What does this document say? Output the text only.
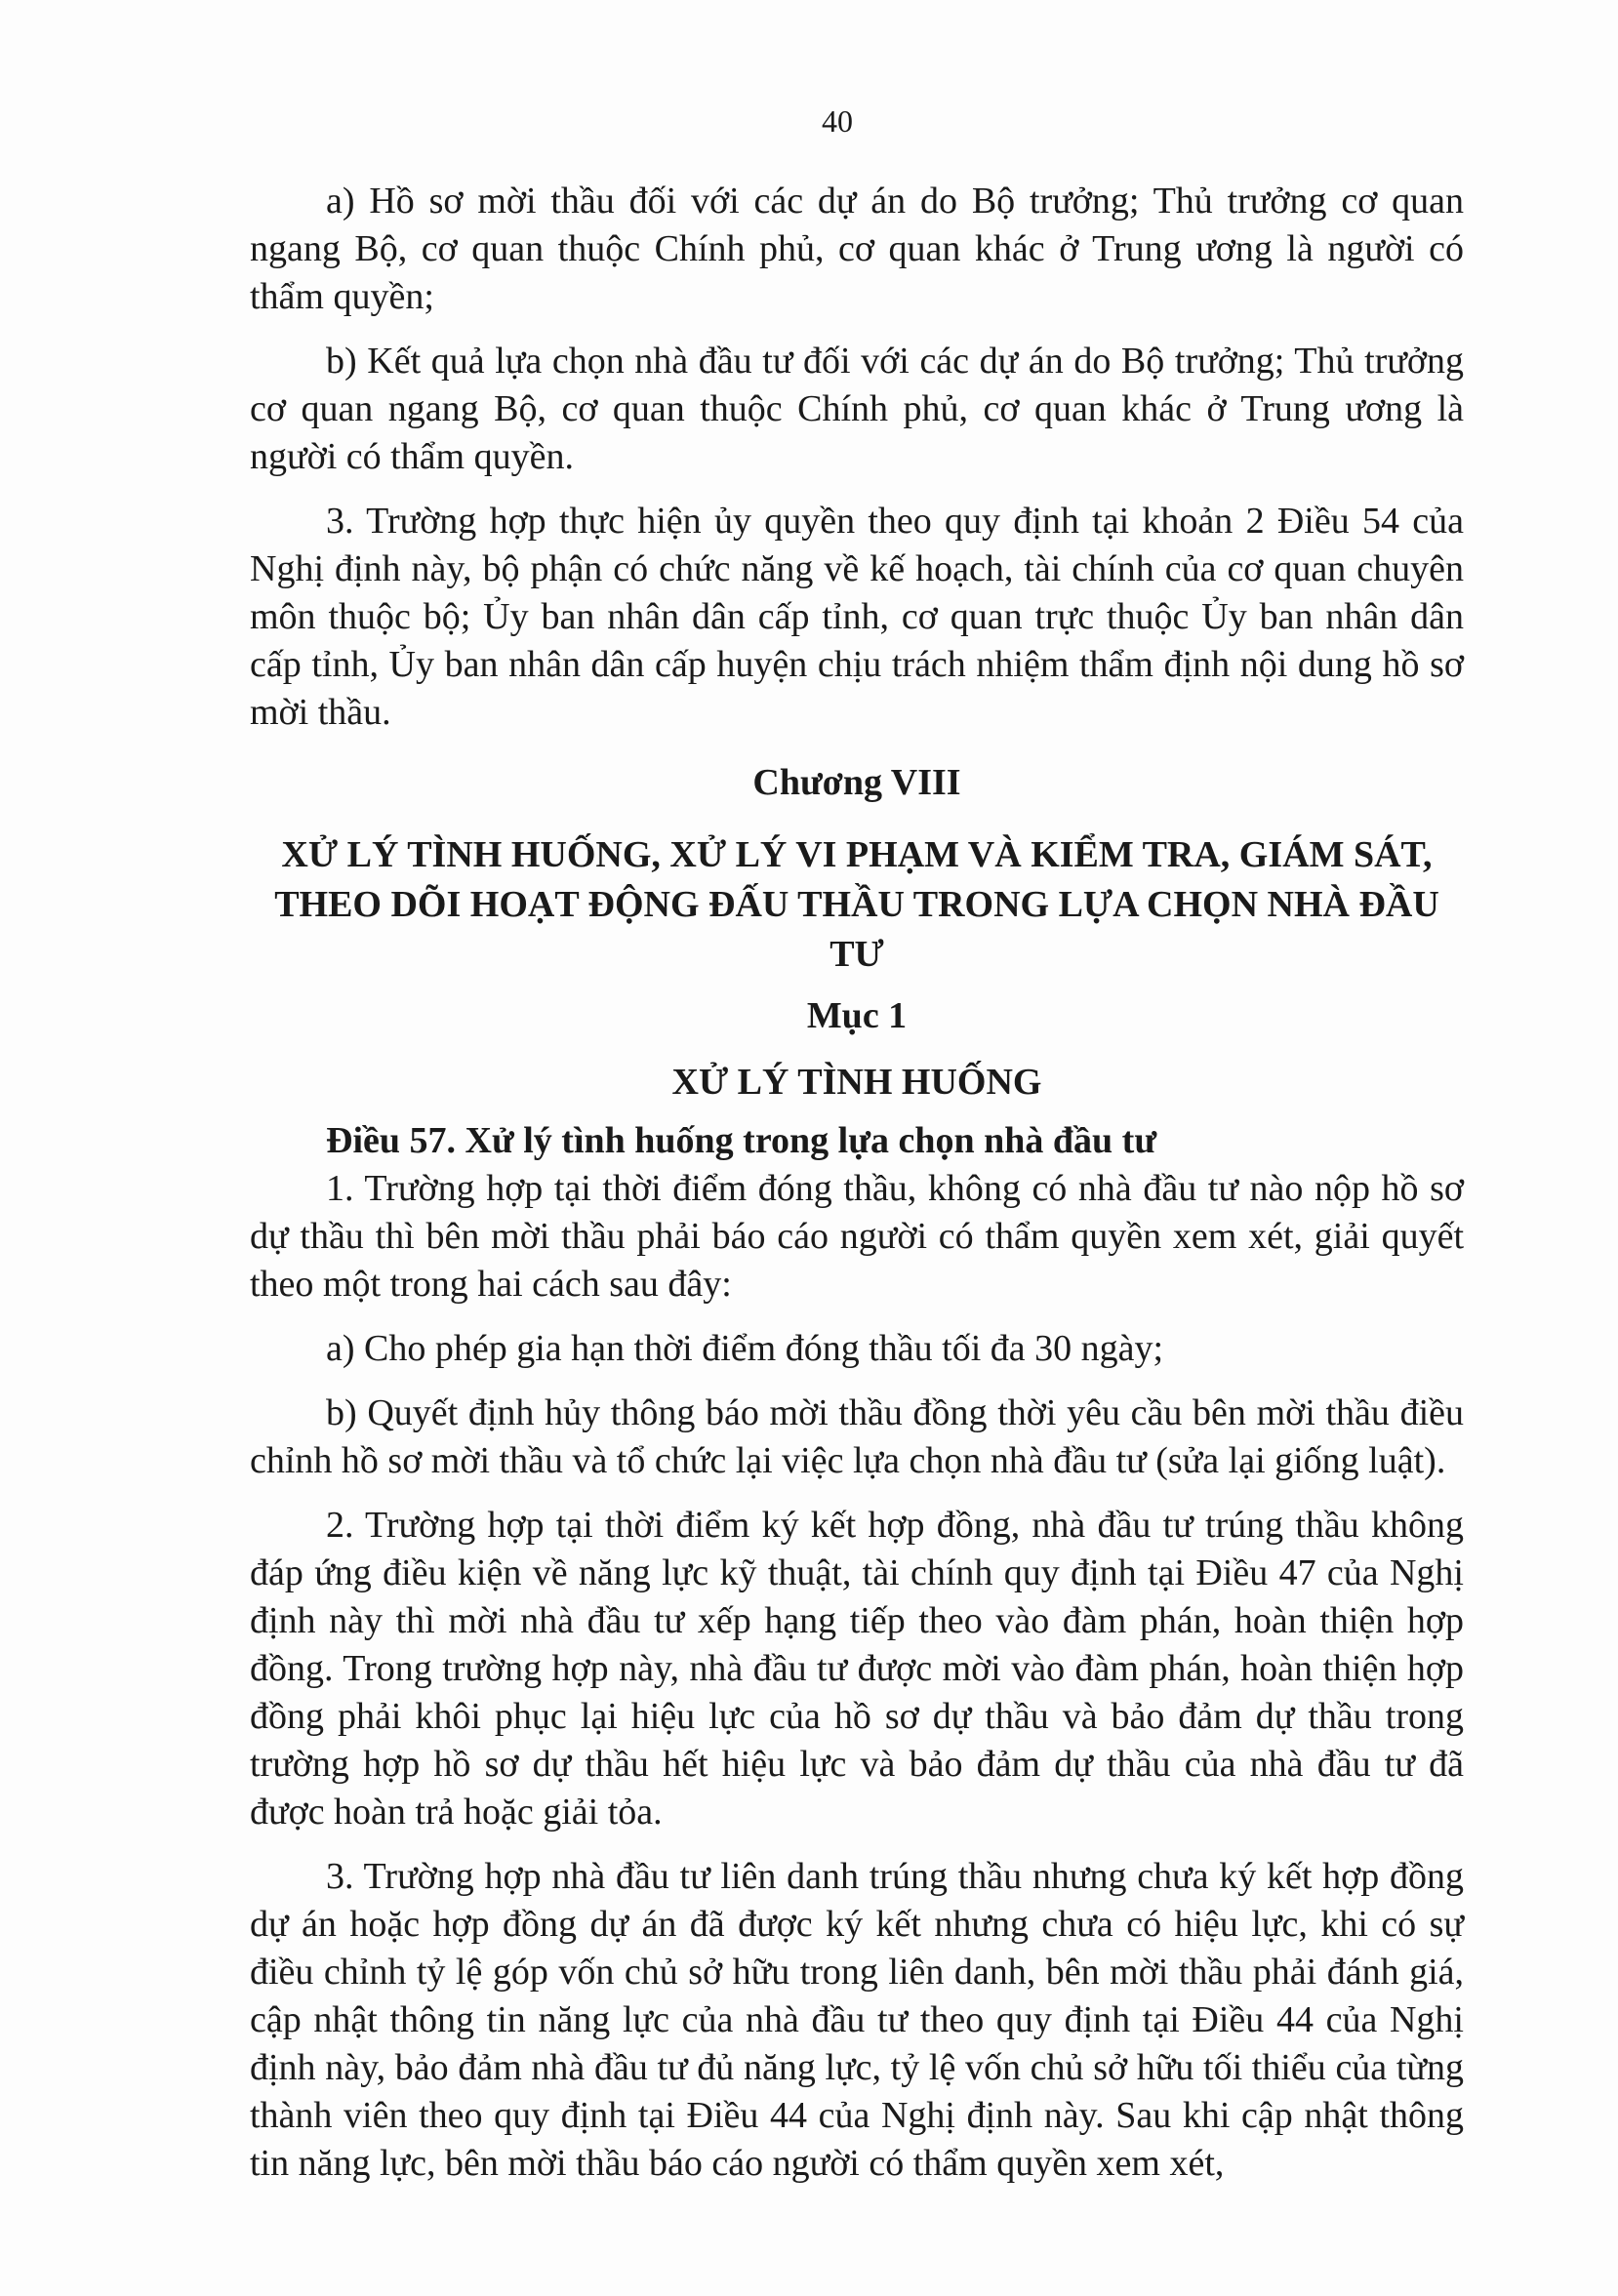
40

a) Hồ sơ mời thầu đối với các dự án do Bộ trưởng; Thủ trưởng cơ quan ngang Bộ, cơ quan thuộc Chính phủ, cơ quan khác ở Trung ương là người có thẩm quyền;

b) Kết quả lựa chọn nhà đầu tư đối với các dự án do Bộ trưởng; Thủ trưởng cơ quan ngang Bộ, cơ quan thuộc Chính phủ, cơ quan khác ở Trung ương là người có thẩm quyền.

3. Trường hợp thực hiện ủy quyền theo quy định tại khoản 2 Điều 54 của Nghị định này, bộ phận có chức năng về kế hoạch, tài chính của cơ quan chuyên môn thuộc bộ; Ủy ban nhân dân cấp tỉnh, cơ quan trực thuộc Ủy ban nhân dân cấp tỉnh, Ủy ban nhân dân cấp huyện chịu trách nhiệm thẩm định nội dung hồ sơ mời thầu.

Chương VIII

XỬ LÝ TÌNH HUỐNG, XỬ LÝ VI PHẠM VÀ KIỂM TRA, GIÁM SÁT, THEO DÕI HOẠT ĐỘNG ĐẤU THẦU TRONG LỰA CHỌN NHÀ ĐẦU TƯ

Mục 1

XỬ LÝ TÌNH HUỐNG

Điều 57. Xử lý tình huống trong lựa chọn nhà đầu tư

1. Trường hợp tại thời điểm đóng thầu, không có nhà đầu tư nào nộp hồ sơ dự thầu thì bên mời thầu phải báo cáo người có thẩm quyền xem xét, giải quyết theo một trong hai cách sau đây:

a) Cho phép gia hạn thời điểm đóng thầu tối đa 30 ngày;

b) Quyết định hủy thông báo mời thầu đồng thời yêu cầu bên mời thầu điều chỉnh hồ sơ mời thầu và tổ chức lại việc lựa chọn nhà đầu tư (sửa lại giống luật).

2. Trường hợp tại thời điểm ký kết hợp đồng, nhà đầu tư trúng thầu không đáp ứng điều kiện về năng lực kỹ thuật, tài chính quy định tại Điều 47 của Nghị định này thì mời nhà đầu tư xếp hạng tiếp theo vào đàm phán, hoàn thiện hợp đồng. Trong trường hợp này, nhà đầu tư được mời vào đàm phán, hoàn thiện hợp đồng phải khôi phục lại hiệu lực của hồ sơ dự thầu và bảo đảm dự thầu trong trường hợp hồ sơ dự thầu hết hiệu lực và bảo đảm dự thầu của nhà đầu tư đã được hoàn trả hoặc giải tỏa.

3. Trường hợp nhà đầu tư liên danh trúng thầu nhưng chưa ký kết hợp đồng dự án hoặc hợp đồng dự án đã được ký kết nhưng chưa có hiệu lực, khi có sự điều chỉnh tỷ lệ góp vốn chủ sở hữu trong liên danh, bên mời thầu phải đánh giá, cập nhật thông tin năng lực của nhà đầu tư theo quy định tại Điều 44 của Nghị định này, bảo đảm nhà đầu tư đủ năng lực, tỷ lệ vốn chủ sở hữu tối thiểu của từng thành viên theo quy định tại Điều 44 của Nghị định này. Sau khi cập nhật thông tin năng lực, bên mời thầu báo cáo người có thẩm quyền xem xét,
